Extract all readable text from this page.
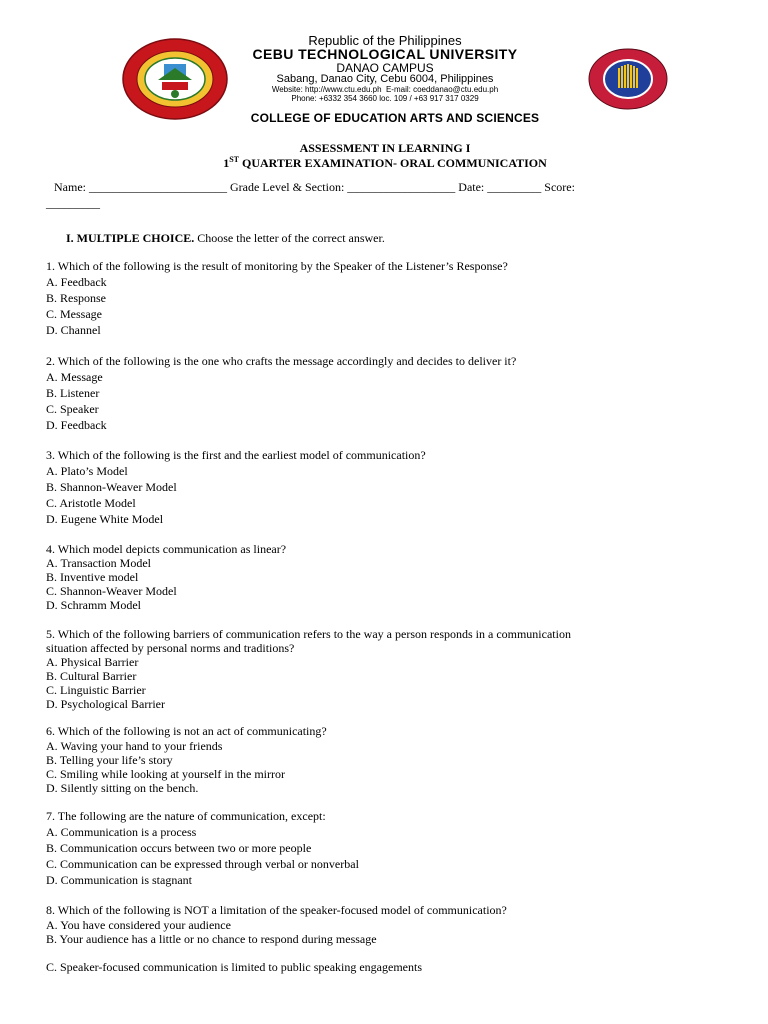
Republic of the Philippines
CEBU TECHNOLOGICAL UNIVERSITY
DANAO CAMPUS
Sabang, Danao City, Cebu 6004, Philippines
Website: http://www.ctu.edu.ph E-mail: coeddanao@ctu.edu.ph
Phone: +6332 354 3660 loc. 109 / +63 917 317 0329
COLLEGE OF EDUCATION ARTS AND SCIENCES
ASSESSMENT IN LEARNING I
1ST QUARTER EXAMINATION- ORAL COMMUNICATION
Name: _______________________ Grade Level & Section: __________________ Date: _________ Score:
_________
I. MULTIPLE CHOICE. Choose the letter of the correct answer.
1. Which of the following is the result of monitoring by the Speaker of the Listener’s Response?
A. Feedback
B. Response
C. Message
D. Channel
2. Which of the following is the one who crafts the message accordingly and decides to deliver it?
A. Message
B. Listener
C. Speaker
D. Feedback
3. Which of the following is the first and the earliest model of communication?
A. Plato’s Model
B. Shannon-Weaver Model
C. Aristotle Model
D. Eugene White Model
4. Which model depicts communication as linear?
A. Transaction Model
B. Inventive model
C. Shannon-Weaver Model
D. Schramm Model
5. Which of the following barriers of communication refers to the way a person responds in a communication
situation affected by personal norms and traditions?
A. Physical Barrier
B. Cultural Barrier
C. Linguistic Barrier
D. Psychological Barrier
6. Which of the following is not an act of communicating?
A. Waving your hand to your friends
B. Telling your life’s story
C. Smiling while looking at yourself in the mirror
D. Silently sitting on the bench.
7. The following are the nature of communication, except:
A. Communication is a process
B. Communication occurs between two or more people
C. Communication can be expressed through verbal or nonverbal
D. Communication is stagnant
8. Which of the following is NOT a limitation of the speaker-focused model of communication?
A. You have considered your audience
B. Your audience has a little or no chance to respond during message
C. Speaker-focused communication is limited to public speaking engagements
